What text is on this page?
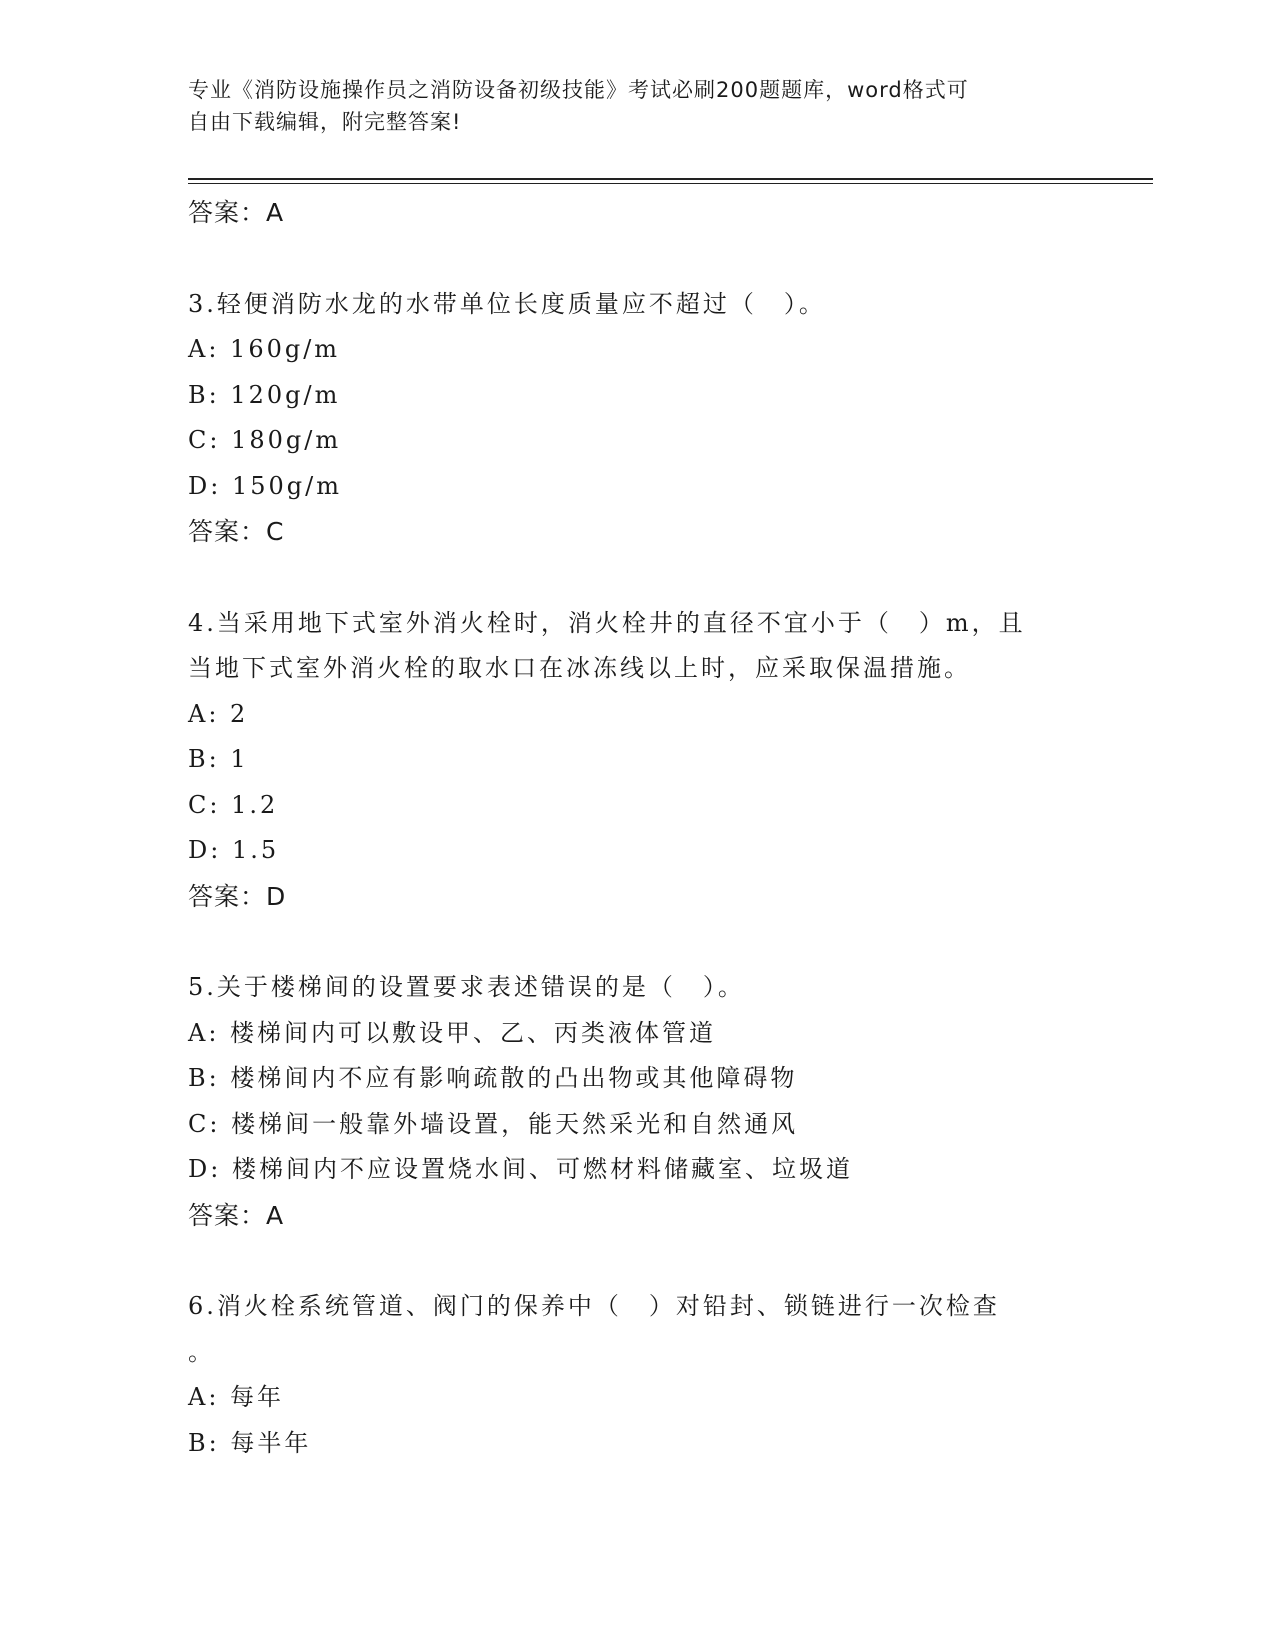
专业《消防设施操作员之消防设备初级技能》考试必刷200题题库，word格式可
自由下载编辑，附完整答案!
答案：A
3.轻便消防水龙的水带单位长度质量应不超过（　）。
A: 160g/m
B: 120g/m
C: 180g/m
D: 150g/m
答案：C
4.当采用地下式室外消火栓时，消火栓井的直径不宜小于（　）m，且
当地下式室外消火栓的取水口在冰冻线以上时，应采取保温措施。
A: 2
B: 1
C: 1.2
D: 1.5
答案：D
5.关于楼梯间的设置要求表述错误的是（　）。
A: 楼梯间内可以敷设甲、乙、丙类液体管道
B: 楼梯间内不应有影响疏散的凸出物或其他障碍物
C: 楼梯间一般靠外墙设置，能天然采光和自然通风
D: 楼梯间内不应设置烧水间、可燃材料储藏室、垃圾道
答案：A
6.消火栓系统管道、阀门的保养中（　）对铅封、锁链进行一次检查
。
A: 每年
B: 每半年
